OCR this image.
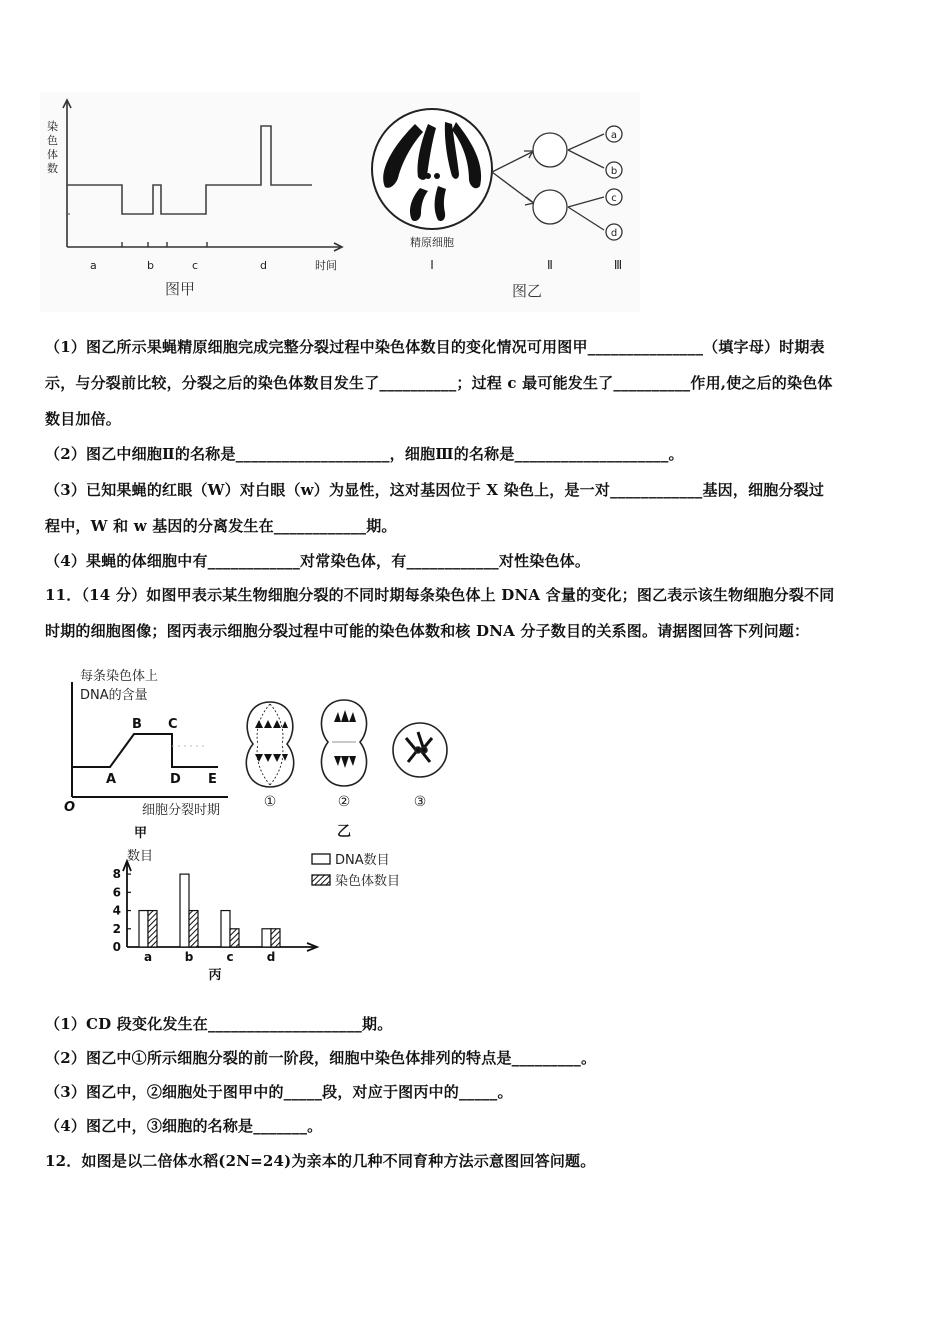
染
色
体
数
a	b	c	d	时间
图甲
a
b
c
d
精原细胞
Ⅰ	Ⅱ	Ⅲ
图乙
（1）图乙所示果蝇精原细胞完成完整分裂过程中染色体数目的变化情况可用图甲_______________（填字母）时期表
示，与分裂前比较，分裂之后的染色体数目发生了__________；过程 c 最可能发生了__________作用,使之后的染色体
数目加倍。
（2）图乙中细胞Ⅱ的名称是____________________，细胞Ⅲ的名称是____________________。
（3）已知果蝇的红眼（W）对白眼（w）为显性，这对基因位于 X 染色上，是一对____________基因，细胞分裂过
程中，W 和 w 基因的分离发生在____________期。
（4）果蝇的体细胞中有____________对常染色体，有____________对性染色体。
11．（14 分）如图甲表示某生物细胞分裂的不同时期每条染色体上 DNA 含量的变化；图乙表示该生物细胞分裂不同
时期的细胞图像；图丙表示细胞分裂过程中可能的染色体数和核 DNA 分子数目的关系图。请据图回答下列问题：
每条染色体上
DNA的含量
A
B C
D E
O	细胞分裂时期
甲
①	②	③
乙
数目
0
2
4
6
8
a	b	c	d
丙
DNA数目
染色体数目
（1）CD 段变化发生在____________________期。
（2）图乙中①所示细胞分裂的前一阶段，细胞中染色体排列的特点是_________。
（3）图乙中，②细胞处于图甲中的_____段，对应于图丙中的_____。
（4）图乙中，③细胞的名称是_______。
12．如图是以二倍体水稻(2N=24)为亲本的几种不同育种方法示意图回答问题。
